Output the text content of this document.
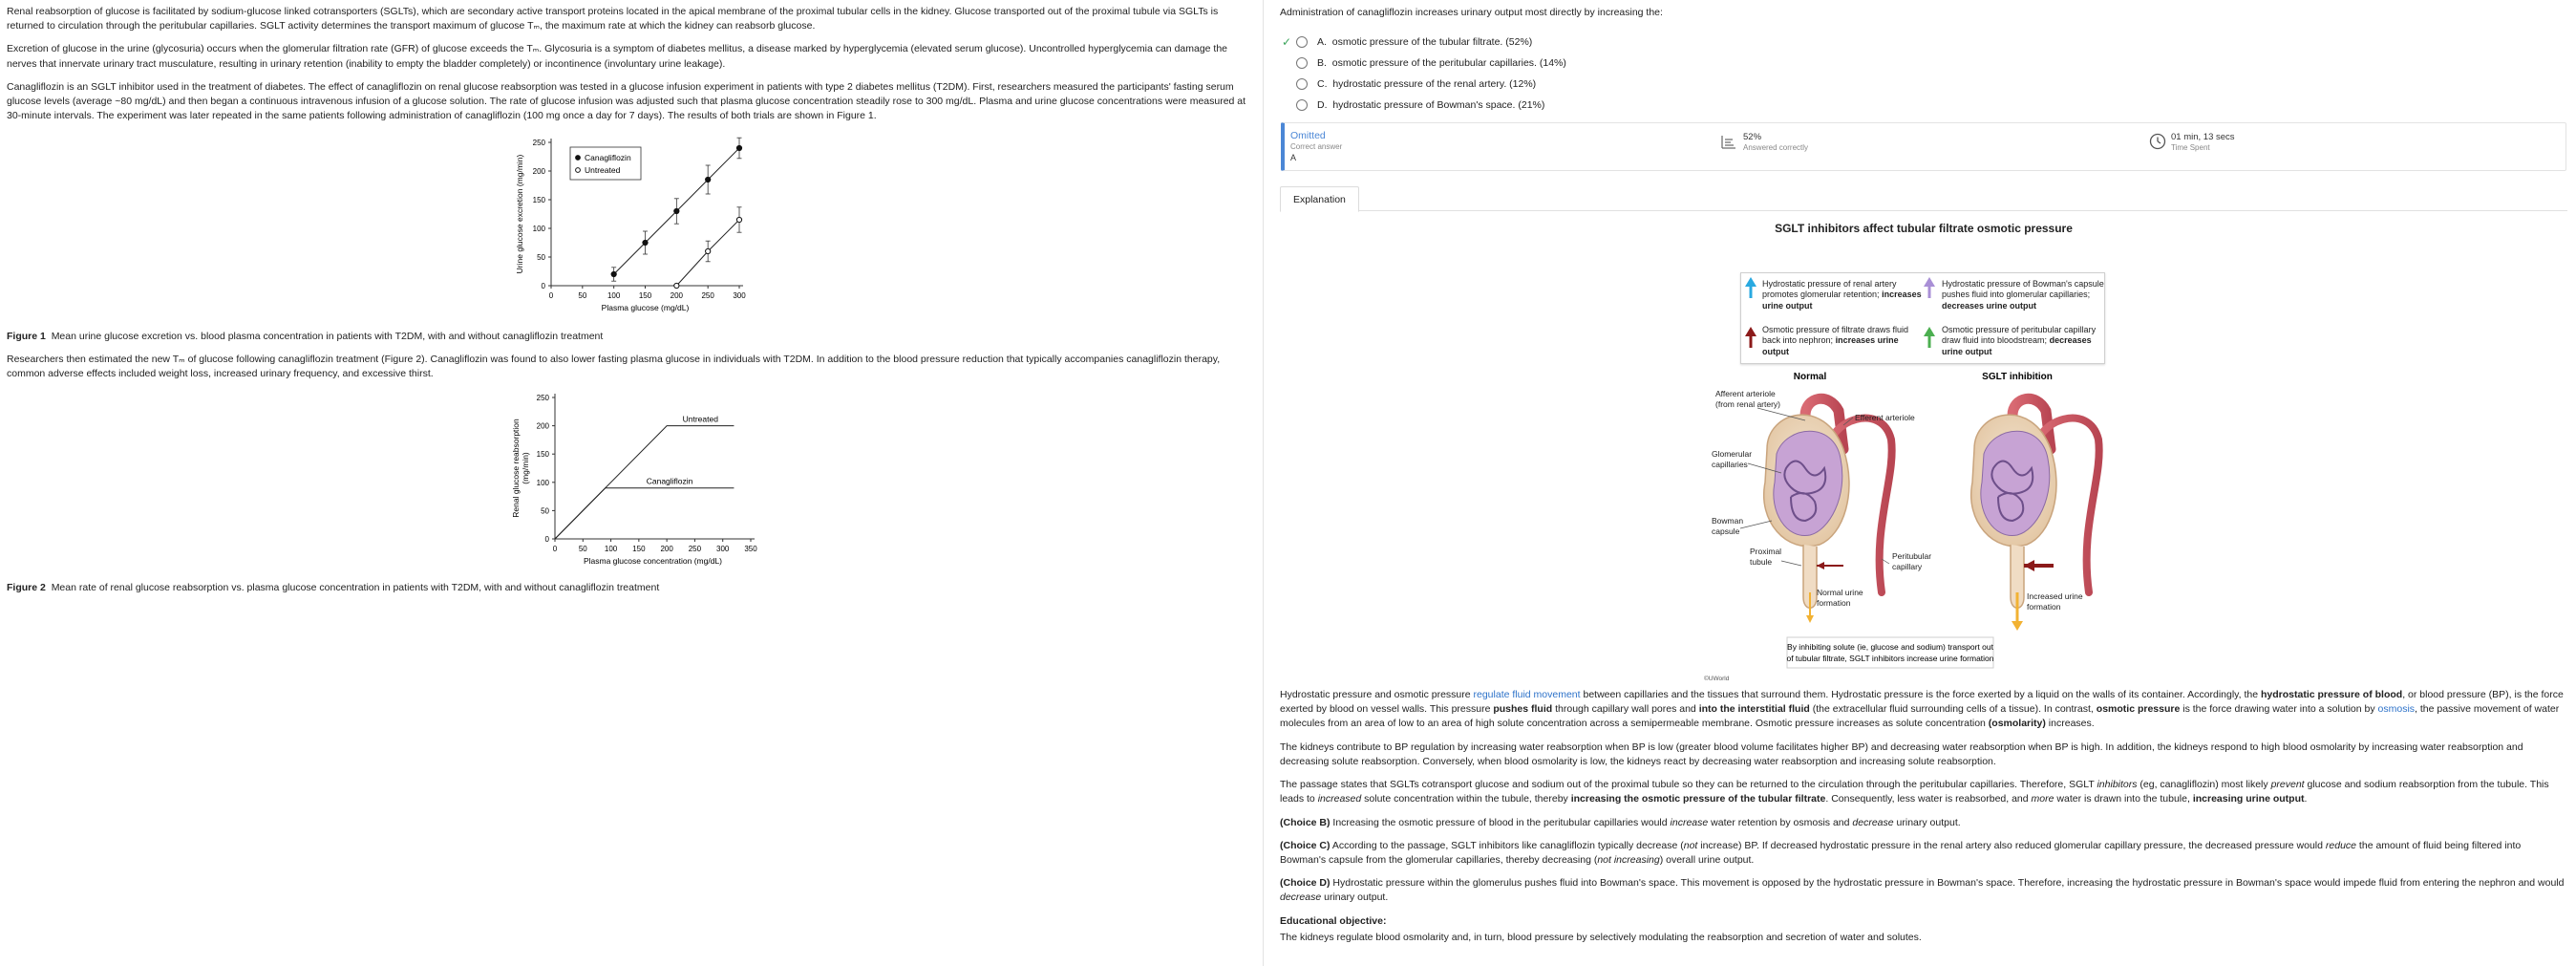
Renal reabsorption of glucose is facilitated by sodium-glucose linked cotransporters (SGLTs), which are secondary active transport proteins located in the apical membrane of the proximal tubular cells in the kidney. Glucose transported out of the proximal tubule via SGLTs is returned to circulation through the peritubular capillaries. SGLT activity determines the transport maximum of glucose Tₘ, the maximum rate at which the kidney can reabsorb glucose.

Excretion of glucose in the urine (glycosuria) occurs when the glomerular filtration rate (GFR) of glucose exceeds the Tₘ. Glycosuria is a symptom of diabetes mellitus, a disease marked by hyperglycemia (elevated serum glucose). Uncontrolled hyperglycemia can damage the nerves that innervate urinary tract musculature, resulting in urinary retention (inability to empty the bladder completely) or incontinence (involuntary urine leakage).

Canagliflozin is an SGLT inhibitor used in the treatment of diabetes. The effect of canagliflozin on renal glucose reabsorption was tested in a glucose infusion experiment in patients with type 2 diabetes mellitus (T2DM). First, researchers measured the participants' fasting serum glucose levels (average ~80 mg/dL) and then began a continuous intravenous infusion of a glucose solution. The rate of glucose infusion was adjusted such that plasma glucose concentration steadily rose to 300 mg/dL. Plasma and urine glucose concentrations were measured at 30-minute intervals. The experiment was later repeated in the same patients following administration of canagliflozin (100 mg once a day for 7 days). The results of both trials are shown in Figure 1.

0	50	100 150 200 250 300
0
50
100
150
200
250
Plasma glucose (mg/dL)
Urine glucose excretion (mg/min)	Canagliflozin
Untreated
Figure 1 Mean urine glucose excretion vs. blood plasma concentration in patients with T2DM, with and without canagliflozin treatment

Researchers then estimated the new Tₘ of glucose following canagliflozin treatment (Figure 2). Canagliflozin was found to also lower fasting plasma glucose in individuals with T2DM. In addition to the blood pressure reduction that typically accompanies canagliflozin therapy, common adverse effects included weight loss, increased urinary frequency, and excessive thirst.

0	50 100 150 200 250 300 350
0
50
100
150
200
250
Plasma glucose concentration (mg/dL)
Renal glucose reabsorption (mg/min)
Untreated
Canagliflozin
Figure 2 Mean rate of renal glucose reabsorption vs. plasma glucose concentration in patients with T2DM, with and without canagliflozin treatment
Administration of canagliflozin increases urinary output most directly by increasing the:
✓	A. osmotic pressure of the tubular filtrate. (52%)
B. osmotic pressure of the peritubular capillaries. (14%)
C. hydrostatic pressure of the renal artery. (12%)
D. hydrostatic pressure of Bowman's space. (21%)
Omitted
Correct answer
A
52%
Answered correctly
01 min, 13 secs
Time Spent
Explanation
SGLT inhibitors affect tubular filtrate osmotic pressure
Hydrostatic pressure of renal artery promotes glomerular retention; increases urine output
Hydrostatic pressure of Bowman's capsule pushes fluid into glomerular capillaries; decreases urine output
Osmotic pressure of filtrate draws fluid back into nephron; increases urine output
Osmotic pressure of peritubular capillary draw fluid into bloodstream; decreases urine output
Normal	SGLT inhibition
Afferent arteriole
(from renal artery)
Efferent arteriole
Glomerular
capillaries
Bowman
capsule
Proximal
tubule
Peritubular
capillary
Normal urine
formation
Increased urine
formation
By inhibiting solute (ie, glucose and sodium) transport out
of tubular filtrate, SGLT inhibitors increase urine formation
©UWorld

Hydrostatic pressure and osmotic pressure regulate fluid movement between capillaries and the tissues that surround them. Hydrostatic pressure is the force exerted by a liquid on the walls of its container. Accordingly, the hydrostatic pressure of blood, or blood pressure (BP), is the force exerted by blood on vessel walls. This pressure pushes fluid through capillary wall pores and into the interstitial fluid (the extracellular fluid surrounding cells of a tissue). In contrast, osmotic pressure is the force drawing water into a solution by osmosis, the passive movement of water molecules from an area of low to an area of high solute concentration across a semipermeable membrane. Osmotic pressure increases as solute concentration (osmolarity) increases.

The kidneys contribute to BP regulation by increasing water reabsorption when BP is low (greater blood volume facilitates higher BP) and decreasing water reabsorption when BP is high. In addition, the kidneys respond to high blood osmolarity by increasing water reabsorption and decreasing solute reabsorption. Conversely, when blood osmolarity is low, the kidneys react by decreasing water reabsorption and increasing solute reabsorption.

The passage states that SGLTs cotransport glucose and sodium out of the proximal tubule so they can be returned to the circulation through the peritubular capillaries. Therefore, SGLT inhibitors (eg, canagliflozin) most likely prevent glucose and sodium reabsorption from the tubule. This leads to increased solute concentration within the tubule, thereby increasing the osmotic pressure of the tubular filtrate. Consequently, less water is reabsorbed, and more water is drawn into the tubule, increasing urine output.

(Choice B) Increasing the osmotic pressure of blood in the peritubular capillaries would increase water retention by osmosis and decrease urinary output.

(Choice C) According to the passage, SGLT inhibitors like canagliflozin typically decrease (not increase) BP. If decreased hydrostatic pressure in the renal artery also reduced glomerular capillary pressure, the decreased pressure would reduce the amount of fluid being filtered into Bowman's capsule from the glomerular capillaries, thereby decreasing (not increasing) overall urine output.

(Choice D) Hydrostatic pressure within the glomerulus pushes fluid into Bowman's space. This movement is opposed by the hydrostatic pressure in Bowman's space. Therefore, increasing the hydrostatic pressure in Bowman's space would impede fluid from entering the nephron and would decrease urinary output.

Educational objective:

The kidneys regulate blood osmolarity and, in turn, blood pressure by selectively modulating the reabsorption and secretion of water and solutes.
